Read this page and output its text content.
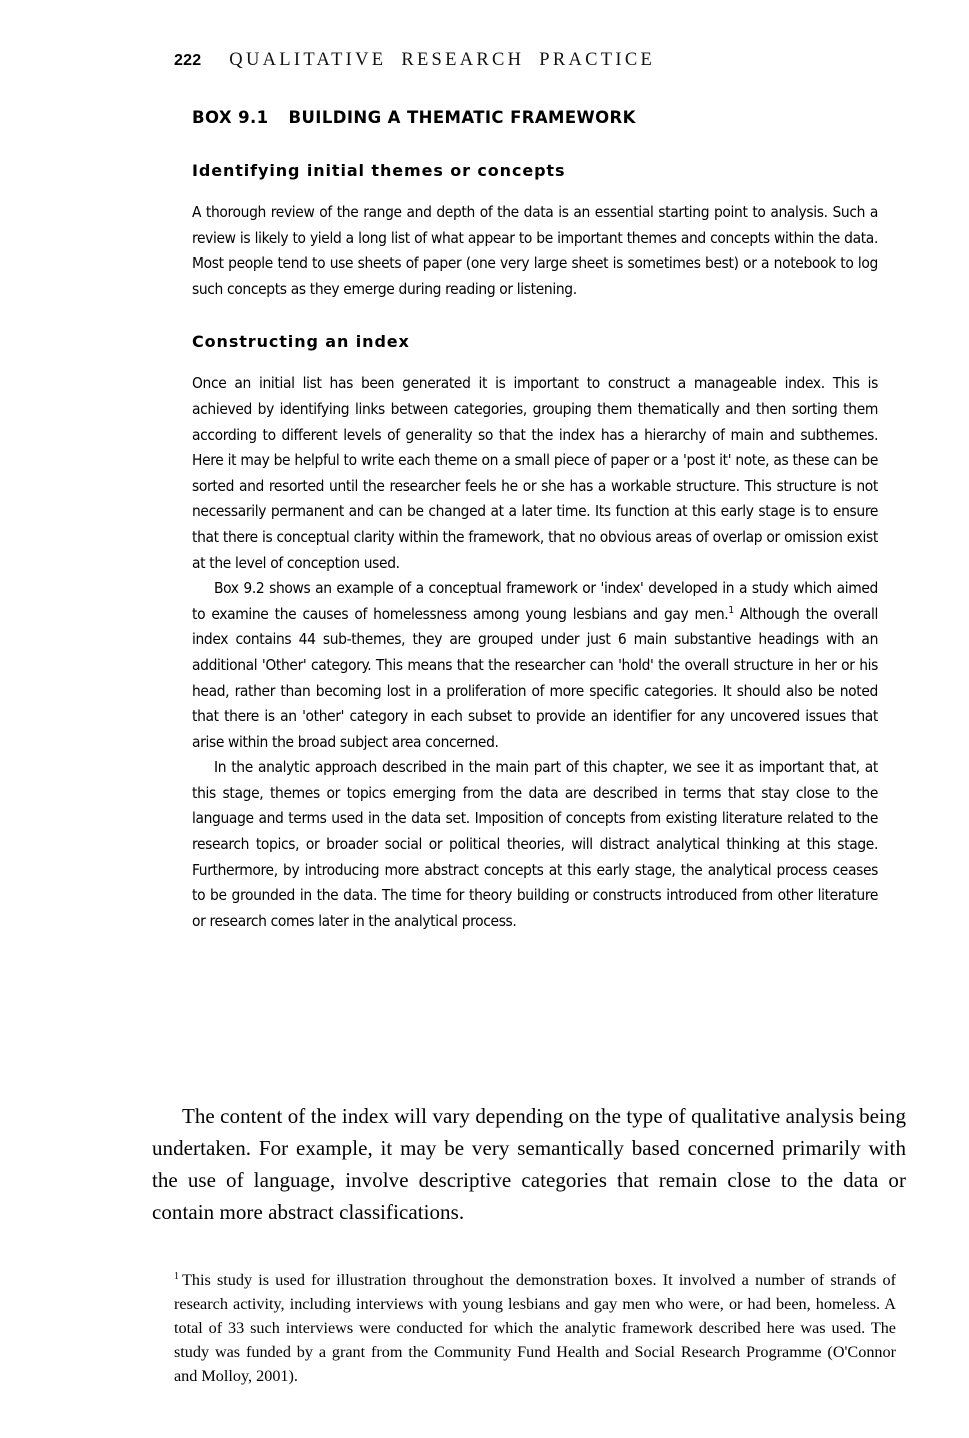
222 QUALITATIVE RESEARCH PRACTICE
BOX 9.1 BUILDING A THEMATIC FRAMEWORK
Identifying initial themes or concepts

A thorough review of the range and depth of the data is an essential starting point to analysis. Such a review is likely to yield a long list of what appear to be important themes and concepts within the data. Most people tend to use sheets of paper (one very large sheet is sometimes best) or a notebook to log such concepts as they emerge during reading or listening.

Constructing an index

Once an initial list has been generated it is important to construct a manageable index. This is achieved by identifying links between categories, grouping them thematically and then sorting them according to different levels of generality so that the index has a hierarchy of main and subthemes. Here it may be helpful to write each theme on a small piece of paper or a 'post it' note, as these can be sorted and resorted until the researcher feels he or she has a workable structure. This structure is not necessarily permanent and can be changed at a later time. Its function at this early stage is to ensure that there is conceptual clarity within the framework, that no obvious areas of overlap or omission exist at the level of conception used.

Box 9.2 shows an example of a conceptual framework or 'index' developed in a study which aimed to examine the causes of homelessness among young lesbians and gay men.$^1$ Although the overall index contains 44 sub-themes, they are grouped under just 6 main substantive headings with an additional 'Other' category. This means that the researcher can 'hold' the overall structure in her or his head, rather than becoming lost in a proliferation of more specific categories. It should also be noted that there is an 'other' category in each subset to provide an identifier for any uncovered issues that arise within the broad subject area concerned.

In the analytic approach described in the main part of this chapter, we see it as important that, at this stage, themes or topics emerging from the data are described in terms that stay close to the language and terms used in the data set. Imposition of concepts from existing literature related to the research topics, or broader social or political theories, will distract analytical thinking at this stage. Furthermore, by introducing more abstract concepts at this early stage, the analytical process ceases to be grounded in the data. The time for theory building or constructs introduced from other literature or research comes later in the analytical process.

The content of the index will vary depending on the type of qualitative analysis being undertaken. For example, it may be very semantically based concerned primarily with the use of language, involve descriptive categories that remain close to the data or contain more abstract classifications.

$^1$ This study is used for illustration throughout the demonstration boxes. It involved a number of strands of research activity, including interviews with young lesbians and gay men who were, or had been, homeless. A total of 33 such interviews were conducted for which the analytic framework described here was used. The study was funded by a grant from the Community Fund Health and Social Research Programme (O'Connor and Molloy, 2001).
